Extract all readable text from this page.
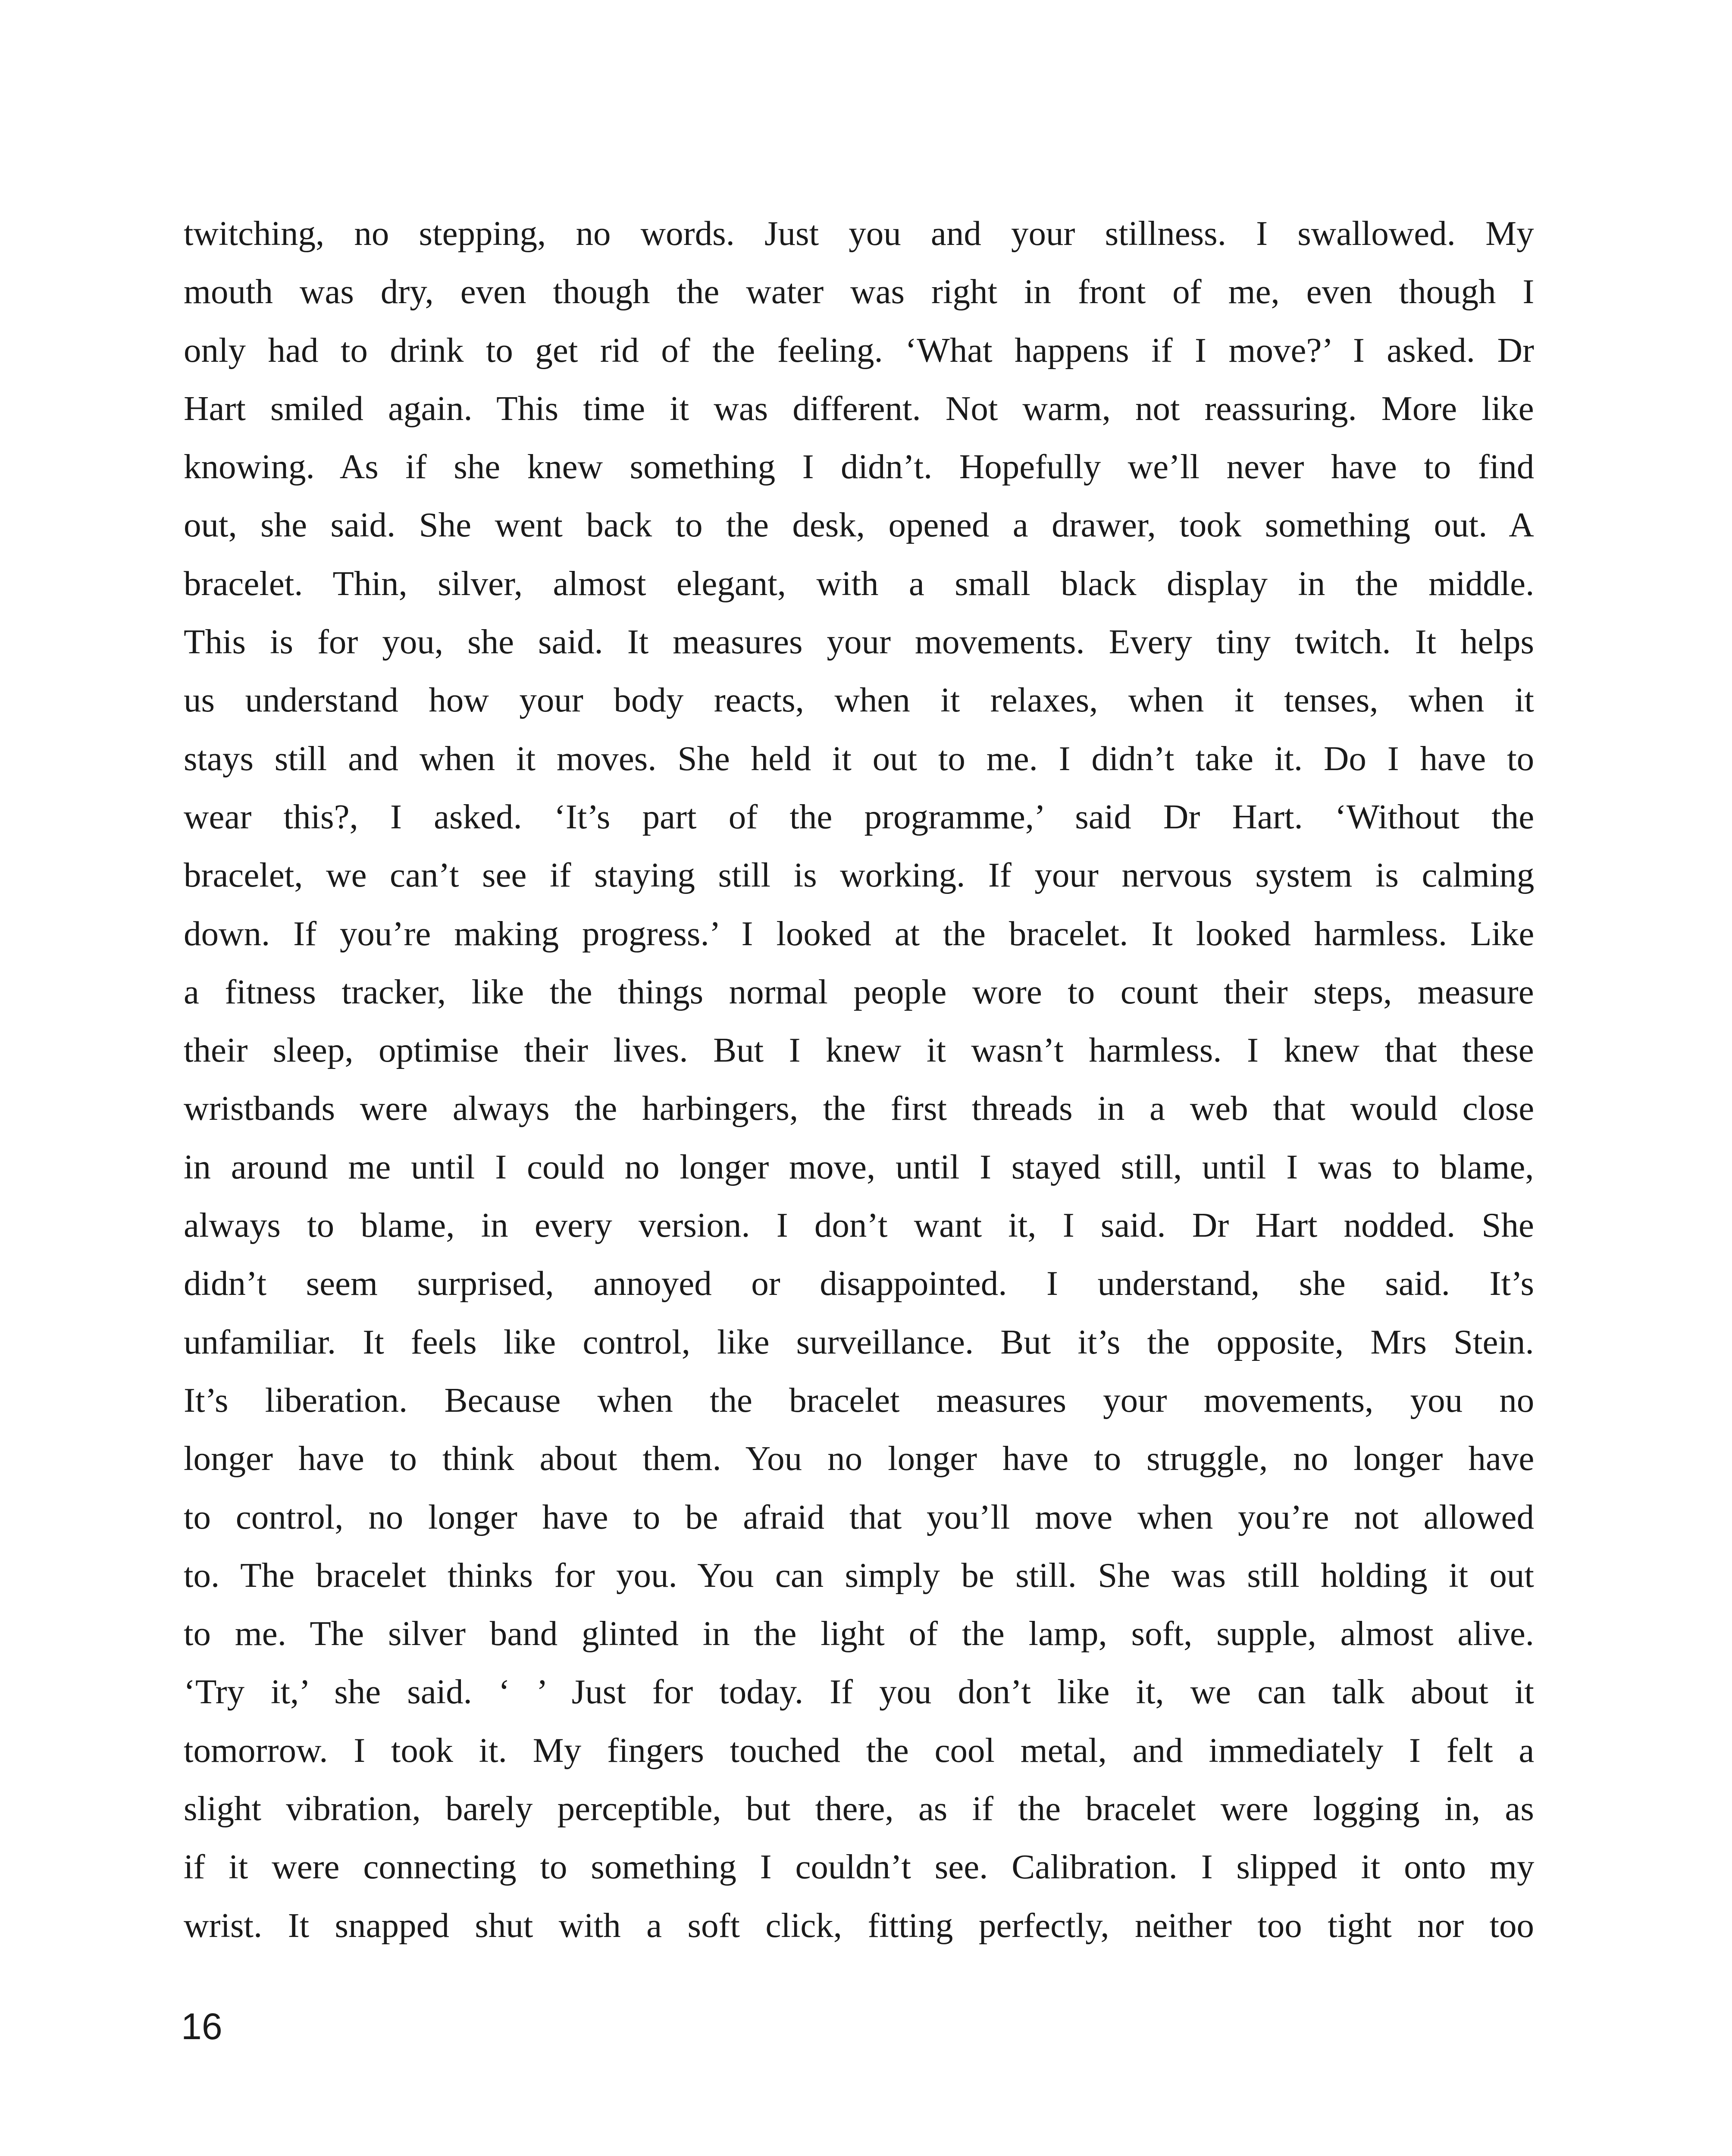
twitching, no stepping, no words. Just you and your stillness. I swallowed. My
mouth was dry, even though the water was right in front of me, even though I
only had to drink to get rid of the feeling. ‘What happens if I move?’ I asked. Dr
Hart smiled again. This time it was different. Not warm, not reassuring. More like
knowing. As if she knew something I didn’t. Hopefully we’ll never have to find
out, she said. She went back to the desk, opened a drawer, took something out. A
bracelet. Thin, silver, almost elegant, with a small black display in the middle.
This is for you, she said. It measures your movements. Every tiny twitch. It helps
us understand how your body reacts, when it relaxes, when it tenses, when it
stays still and when it moves. She held it out to me. I didn’t take it. Do I have to
wear this?, I asked. ‘It’s part of the programme,’ said Dr Hart. ‘Without the
bracelet, we can’t see if staying still is working. If your nervous system is calming
down. If you’re making progress.’ I looked at the bracelet. It looked harmless. Like
a fitness tracker, like the things normal people wore to count their steps, measure
their sleep, optimise their lives. But I knew it wasn’t harmless. I knew that these
wristbands were always the harbingers, the first threads in a web that would close
in around me until I could no longer move, until I stayed still, until I was to blame,
always to blame, in every version. I don’t want it, I said. Dr Hart nodded. She
didn’t seem surprised, annoyed or disappointed. I understand, she said. It’s
unfamiliar. It feels like control, like surveillance. But it’s the opposite, Mrs Stein.
It’s liberation. Because when the bracelet measures your movements, you no
longer have to think about them. You no longer have to struggle, no longer have
to control, no longer have to be afraid that you’ll move when you’re not allowed
to. The bracelet thinks for you. You can simply be still. She was still holding it out
to me. The silver band glinted in the light of the lamp, soft, supple, almost alive.
‘Try it,’ she said. ‘ ’ Just for today. If you don’t like it, we can talk about it
tomorrow. I took it. My fingers touched the cool metal, and immediately I felt a
slight vibration, barely perceptible, but there, as if the bracelet were logging in, as
if it were connecting to something I couldn’t see. Calibration. I slipped it onto my
wrist. It snapped shut with a soft click, fitting perfectly, neither too tight nor too
16
